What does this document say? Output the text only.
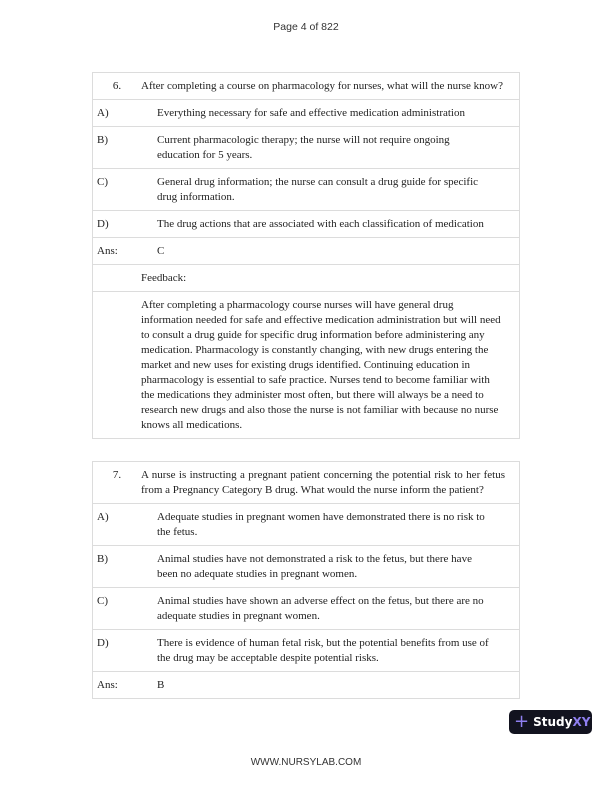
Page 4 of 822
6.	After completing a course on pharmacology for nurses, what will the nurse know?
A)	Everything necessary for safe and effective medication administration
B)	Current pharmacologic therapy; the nurse will not require ongoing education for 5 years.
C)	General drug information; the nurse can consult a drug guide for specific drug information.
D)	The drug actions that are associated with each classification of medication
Ans:	C
Feedback:
After completing a pharmacology course nurses will have general drug information needed for safe and effective medication administration but will need to consult a drug guide for specific drug information before administering any medication. Pharmacology is constantly changing, with new drugs entering the market and new uses for existing drugs identified. Continuing education in pharmacology is essential to safe practice. Nurses tend to become familiar with the medications they administer most often, but there will always be a need to research new drugs and also those the nurse is not familiar with because no nurse knows all medications.
7.	A nurse is instructing a pregnant patient concerning the potential risk to her fetus from a Pregnancy Category B drug. What would the nurse inform the patient?
A)	Adequate studies in pregnant women have demonstrated there is no risk to the fetus.
B)	Animal studies have not demonstrated a risk to the fetus, but there have been no adequate studies in pregnant women.
C)	Animal studies have shown an adverse effect on the fetus, but there are no adequate studies in pregnant women.
D)	There is evidence of human fetal risk, but the potential benefits from use of the drug may be acceptable despite potential risks.
Ans:	B
+ Study XY
WWW.NURSYLAB.COM
